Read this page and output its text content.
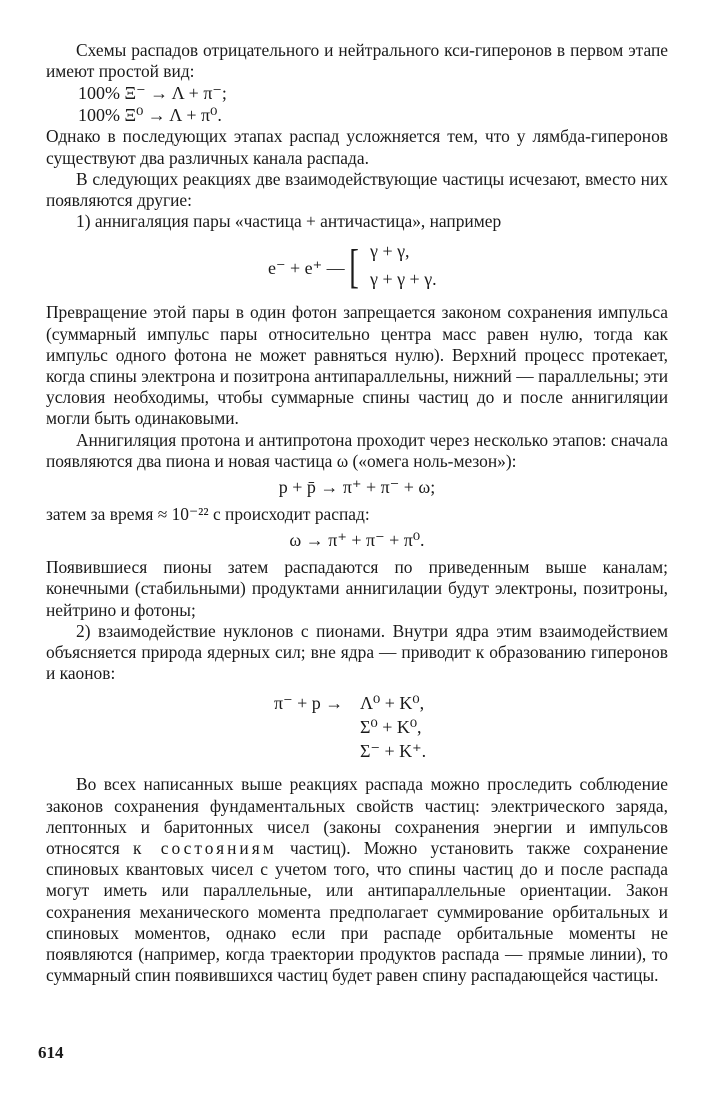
Схемы распадов отрицательного и нейтрального кси-гиперонов в первом этапе имеют простой вид:

100% Ξ⁻ → Λ + π⁻;
100% Ξ⁰ → Λ + π⁰.

Однако в последующих этапах распад усложняется тем, что у лямбда-гиперонов существуют два различных канала распада.

В следующих реакциях две взаимодействующие частицы исчезают, вместо них появляются другие:

1) аннигаляция пары «частица + античастица», например

e⁻ + e⁺ — [ γ + γ,
γ + γ + γ.

Превращение этой пары в один фотон запрещается законом сохранения импульса (суммарный импульс пары относительно центра масс равен нулю, тогда как импульс одного фотона не может равняться нулю). Верхний процесс протекает, когда спины электрона и позитрона антипараллельны, нижний — параллельны; эти условия необходимы, чтобы суммарные спины частиц до и после аннигиляции могли быть одинаковыми.

Аннигиляция протона и антипротона проходит через несколько этапов: сначала появляются два пиона и новая частица ω («омега ноль-мезон»):

p + p̄ → π⁺ + π⁻ + ω;

затем за время ≈ 10⁻²² с происходит распад:

ω → π⁺ + π⁻ + π⁰.

Появившиеся пионы затем распадаются по приведенным выше каналам; конечными (стабильными) продуктами аннигилации будут электроны, позитроны, нейтрино и фотоны;

2) взаимодействие нуклонов с пионами. Внутри ядра этим взаимодействием объясняется природа ядерных сил; вне ядра — приводит к образованию гиперонов и каонов:

π⁻ + p → Λ⁰ + K⁰,
Σ⁰ + K⁰,
Σ⁻ + K⁺.

Во всех написанных выше реакциях распада можно проследить соблюдение законов сохранения фундаментальных свойств частиц: электрического заряда, лептонных и баритонных чисел (законы сохранения энергии и импульсов относятся к состояниям частиц). Можно установить также сохранение спиновых квантовых чисел с учетом того, что спины частиц до и после распада могут иметь или параллельные, или антипараллельные ориентации. Закон сохранения механического момента предполагает суммирование орбитальных и спиновых моментов, однако если при распаде орбитальные моменты не появляются (например, когда траектории продуктов распада — прямые линии), то суммарный спин появившихся частиц будет равен спину распадающейся частицы.

614
